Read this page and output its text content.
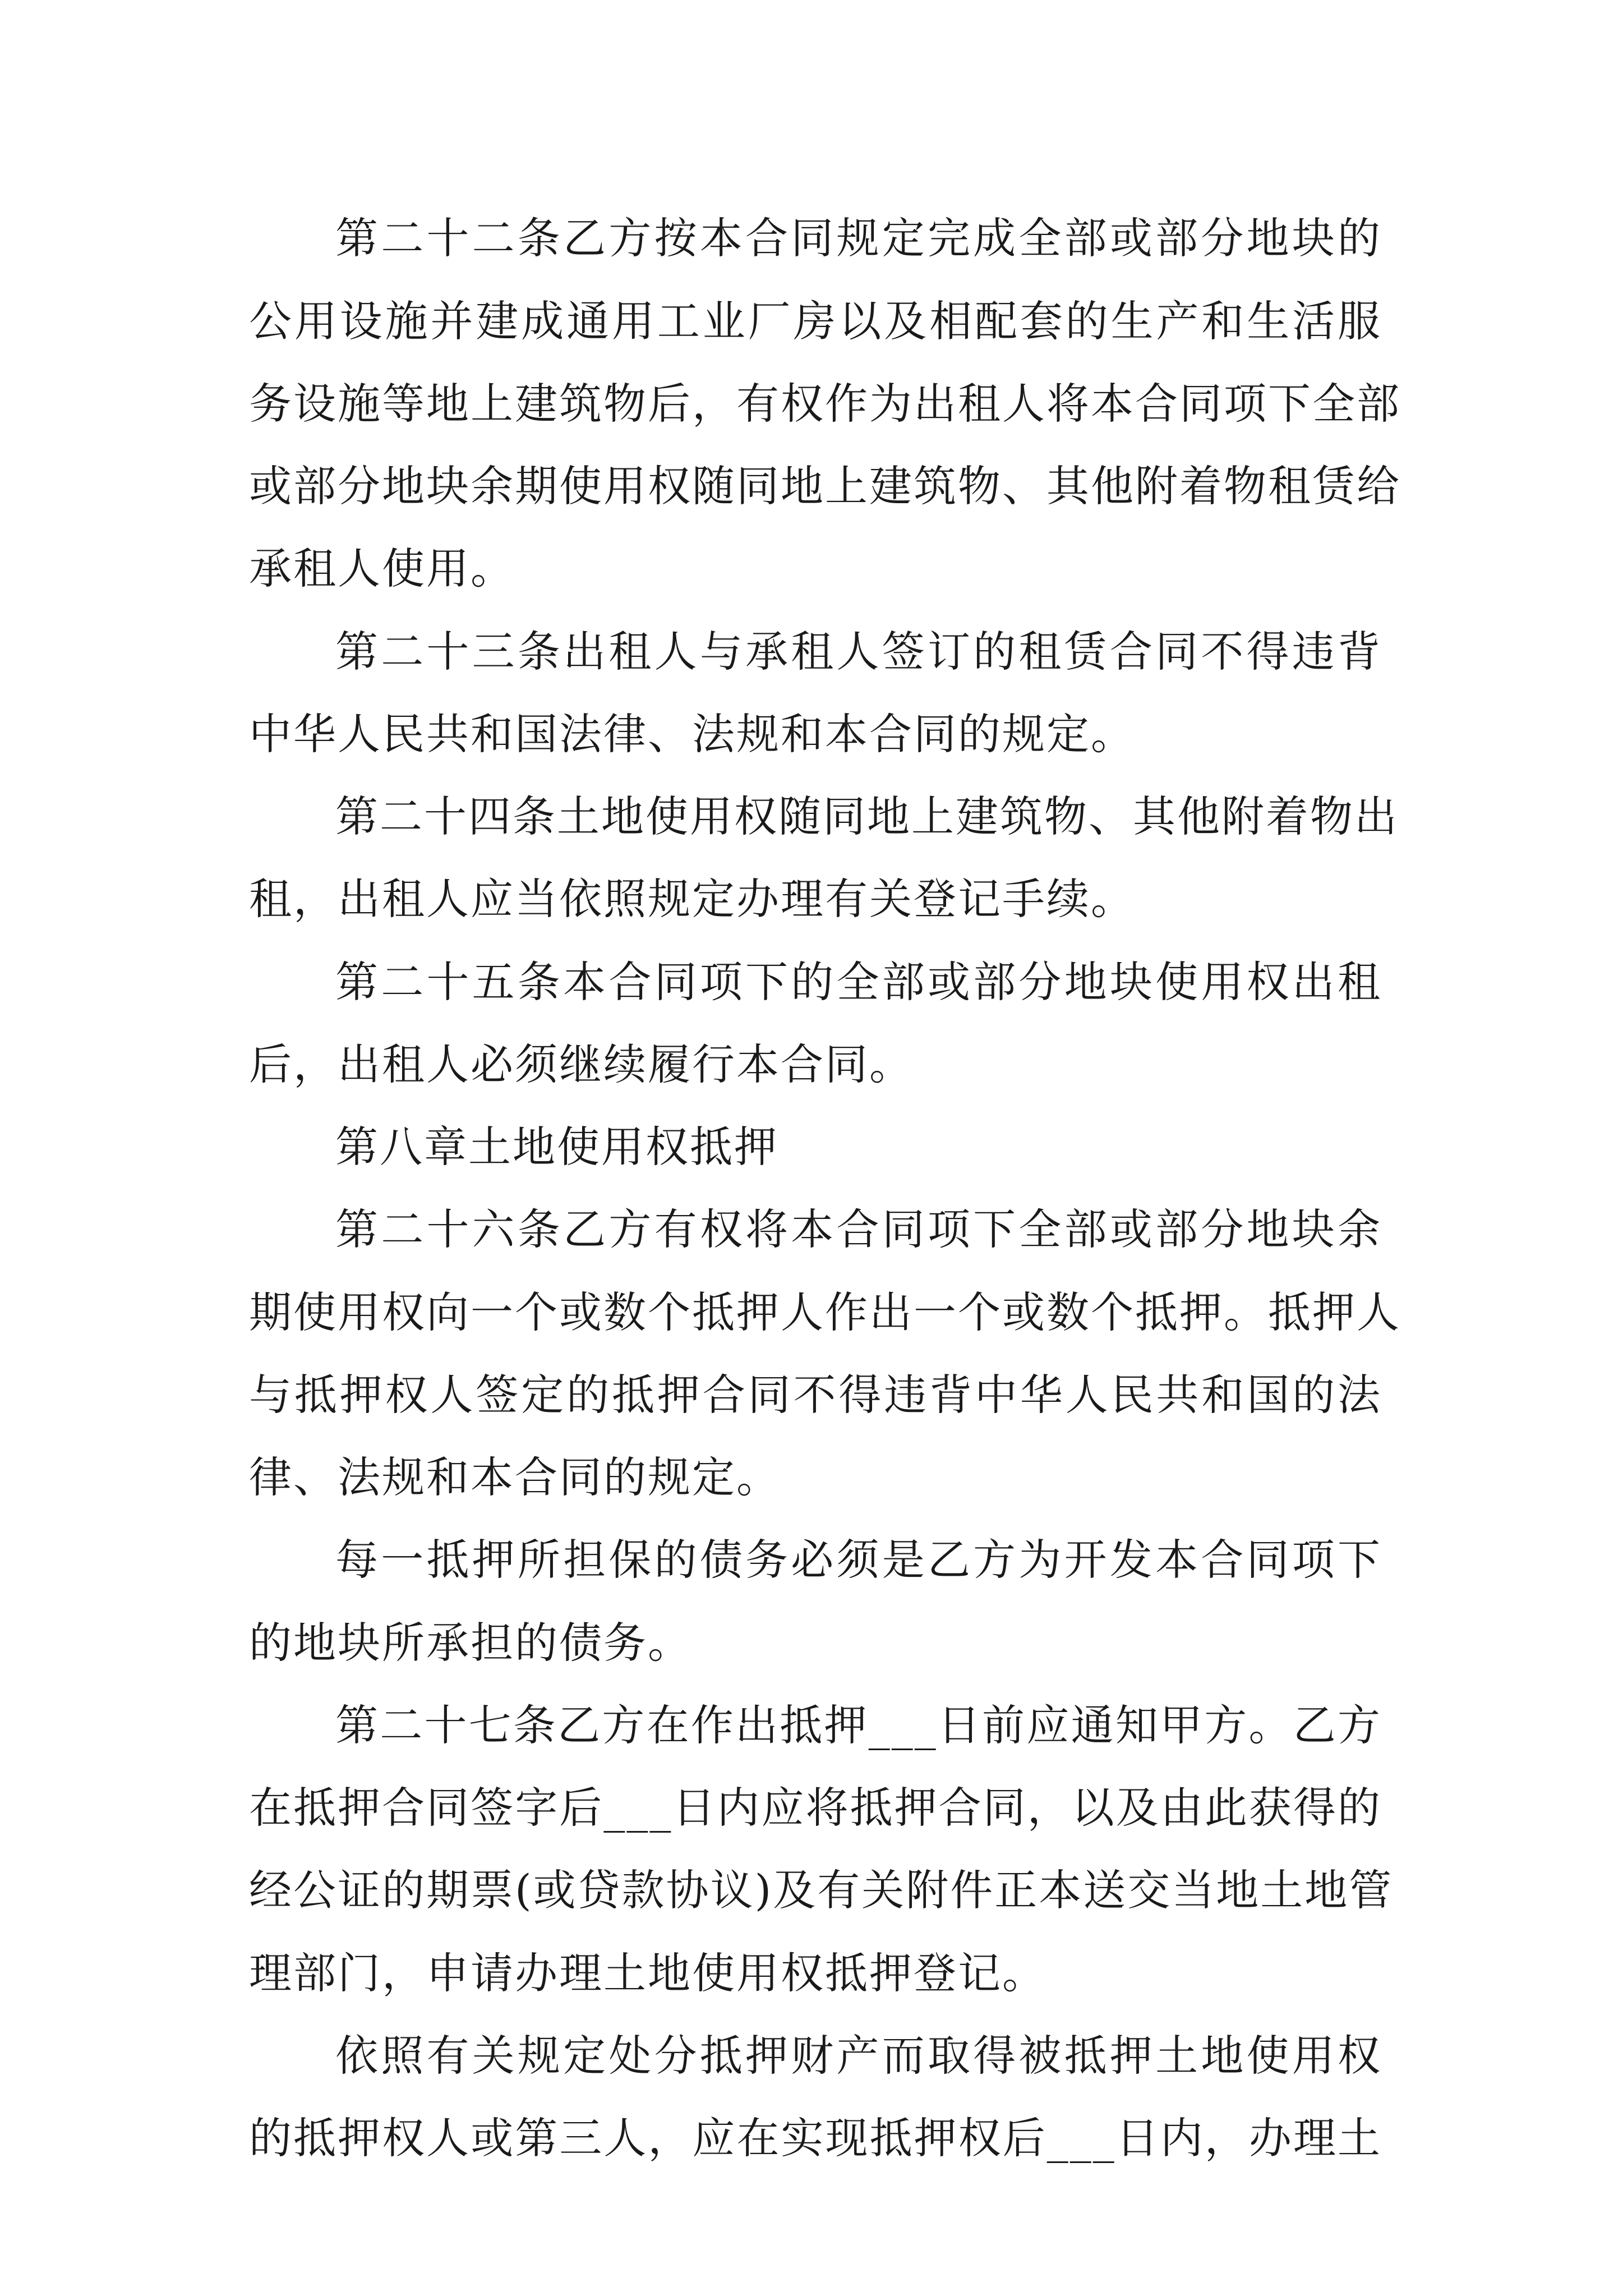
第二十二条乙方按本合同规定完成全部或部分地块的
公用设施并建成通用工业厂房以及相配套的生产和生活服
务设施等地上建筑物后，有权作为出租人将本合同项下全部
或部分地块余期使用权随同地上建筑物、其他附着物租赁给
承租人使用。
第二十三条出租人与承租人签订的租赁合同不得违背
中华人民共和国法律、法规和本合同的规定。
第二十四条土地使用权随同地上建筑物、其他附着物出
租，出租人应当依照规定办理有关登记手续。
第二十五条本合同项下的全部或部分地块使用权出租
后，出租人必须继续履行本合同。
第八章土地使用权抵押
第二十六条乙方有权将本合同项下全部或部分地块余
期使用权向一个或数个抵押人作出一个或数个抵押。抵押人
与抵押权人签定的抵押合同不得违背中华人民共和国的法
律、法规和本合同的规定。
每一抵押所担保的债务必须是乙方为开发本合同项下
的地块所承担的债务。
第二十七条乙方在作出抵押___日前应通知甲方。乙方
在抵押合同签字后___日内应将抵押合同，以及由此获得的
经公证的期票(或贷款协议)及有关附件正本送交当地土地管
理部门，申请办理土地使用权抵押登记。
依照有关规定处分抵押财产而取得被抵押土地使用权
的抵押权人或第三人，应在实现抵押权后___日内，办理土
